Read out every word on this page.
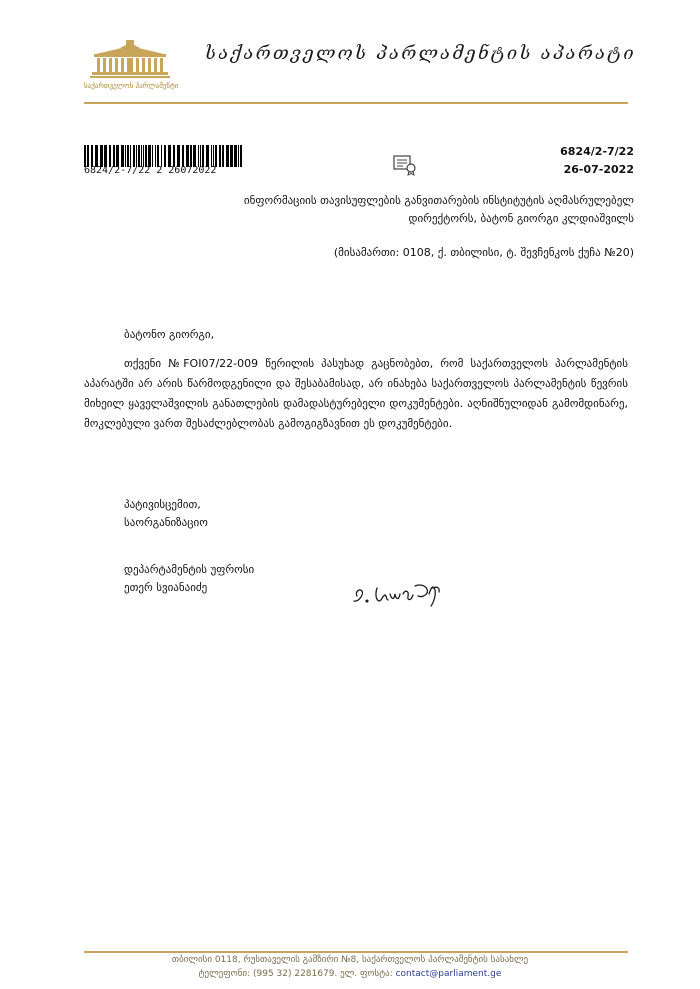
საქართველოს პარლამენტი
საქართველოს პარლამენტის აპარატი
6824/2-7/22 2 26072022
6824/2-7/22
26-07-2022
ინფორმაციის თავისუფლების განვითარების ინსტიტუტის აღმასრულებელ
დირექტორს, ბატონ გიორგი კლდიაშვილს
(მისამართი: 0108, ქ. თბილისი, ტ. შევჩენკოს ქუჩა №20)
ბატონო გიორგი,
თქვენი №FOI07/22-009 წერილის პასუხად გაცნობებთ, რომ საქართველოს პარლამენტის აპარატში არ არის წარმოდგენილი და შესაბამისად, არ ინახება საქართველოს პარლამენტის წევრის მიხეილ ყაველაშვილის განათლების დამადასტურებელი დოკუმენტები. აღნიშნულიდან გამომდინარე, მოკლებული ვართ შესაძლებლობას გამოგიგზავნით ეს დოკუმენტები.
პატივისცემით,
საორგანიზაციო
დეპარტამენტის უფროსი
ეთერ სვიანაიძე
თბილისი 0118, რუსთაველის გამზირი №8, საქართველოს პარლამენტის სასახლე
ტელეფონი: (995 32) 2281679. ელ. ფოსტა: contact@parliament.ge
